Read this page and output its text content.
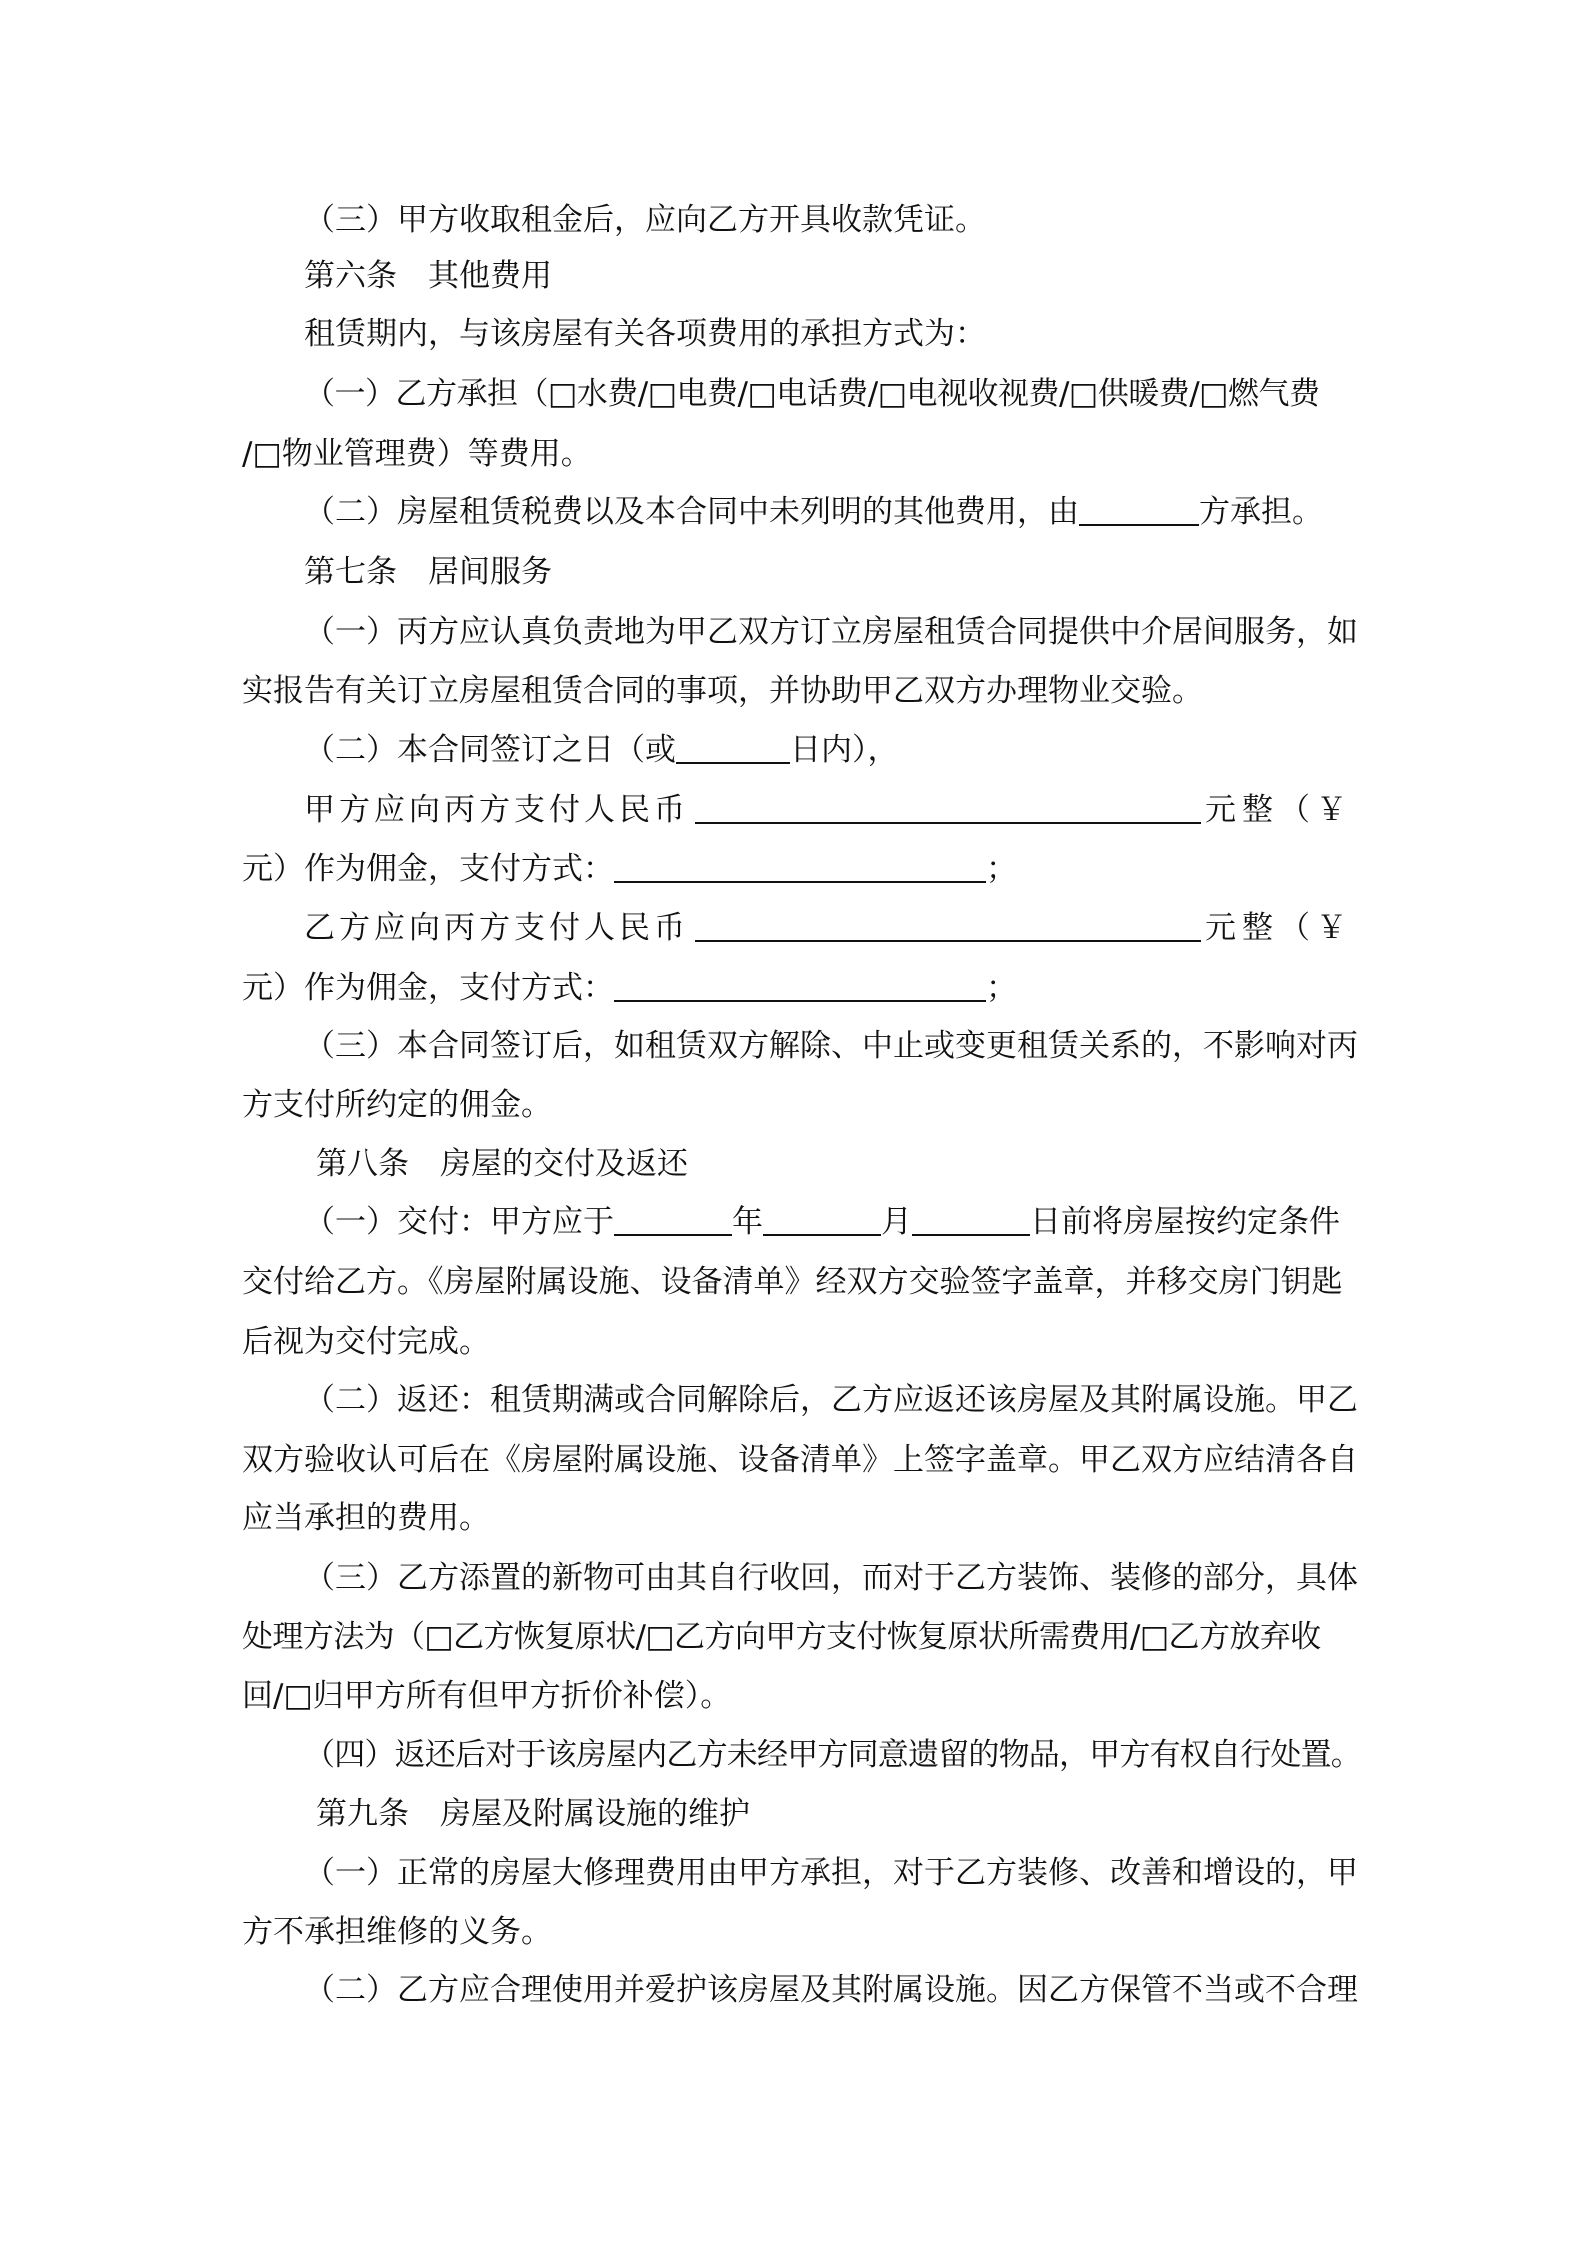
（三）甲方收取租金后，应向乙方开具收款凭证。
第六条　其他费用
租赁期内，与该房屋有关各项费用的承担方式为：
（一）乙方承担（□水费/□电费/□电话费/□电视收视费/□供暖费/□燃气费
/□物业管理费）等费用。
（二）房屋租赁税费以及本合同中未列明的其他费用，由	方承担。
第七条　居间服务
（一）丙方应认真负责地为甲乙双方订立房屋租赁合同提供中介居间服务，如
实报告有关订立房屋租赁合同的事项，并协助甲乙双方办理物业交验。
（二）本合同签订之日（或	日内），
甲方应向丙方支付人民币	元整（￥
元）作为佣金，支付方式：	；
乙方应向丙方支付人民币	元整（￥
元）作为佣金，支付方式：	；
（三）本合同签订后，如租赁双方解除、中止或变更租赁关系的，不影响对丙
方支付所约定的佣金。
第八条　房屋的交付及返还
（一）交付：甲方应于	年	月	日前将房屋按约定条件
交付给乙方。《房屋附属设施、设备清单》经双方交验签字盖章，并移交房门钥匙
后视为交付完成。
（二）返还：租赁期满或合同解除后，乙方应返还该房屋及其附属设施。甲乙
双方验收认可后在《房屋附属设施、设备清单》上签字盖章。甲乙双方应结清各自
应当承担的费用。
（三）乙方添置的新物可由其自行收回，而对于乙方装饰、装修的部分，具体
处理方法为（□乙方恢复原状/□乙方向甲方支付恢复原状所需费用/□乙方放弃收
回/□归甲方所有但甲方折价补偿）。
（四）返还后对于该房屋内乙方未经甲方同意遗留的物品，甲方有权自行处置。
第九条　房屋及附属设施的维护
（一）正常的房屋大修理费用由甲方承担，对于乙方装修、改善和增设的，甲
方不承担维修的义务。
（二）乙方应合理使用并爱护该房屋及其附属设施。因乙方保管不当或不合理
